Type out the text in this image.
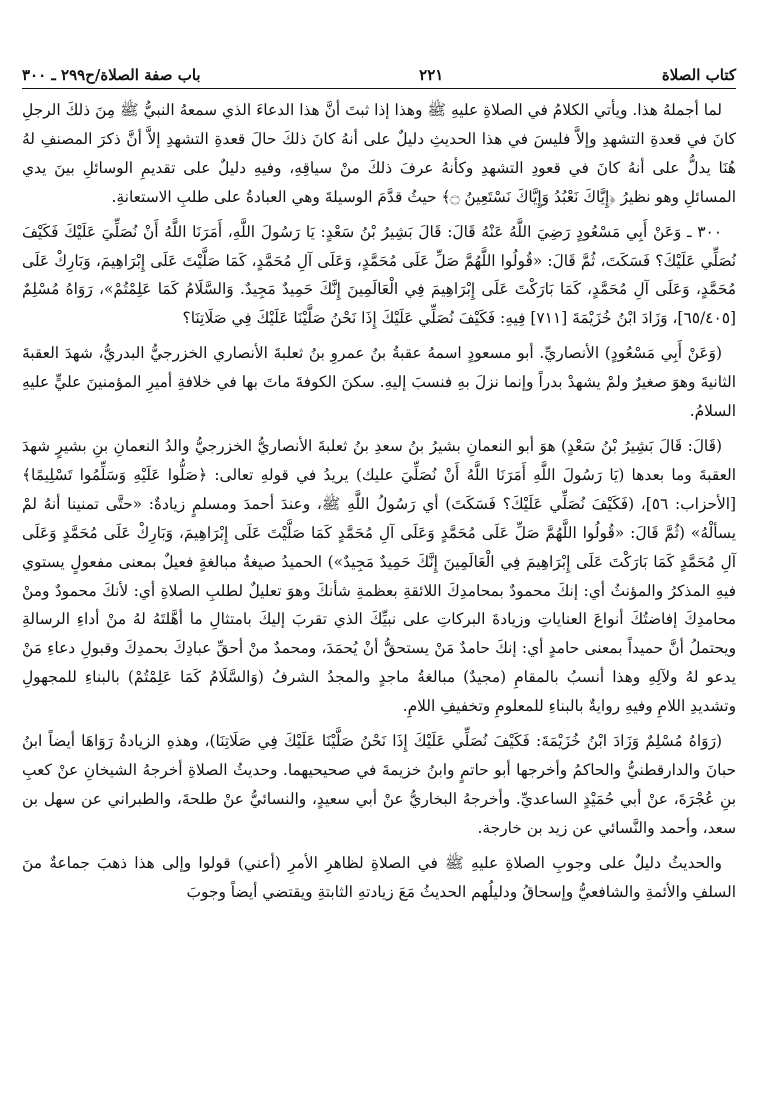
كتاب الصلاة
٢٢١
باب صفة الصلاة/ح٢٩٩ ـ ٣٠٠

لما أجملهُ هذا. ويأتي الكلامُ في الصلاةِ عليهِ ﷺ وهذا إذا ثبتَ أنَّ هذا الدعاءَ الذي سمعهُ النبيُّ ﷺ مِنَ ذلكَ الرجلِ كانَ في قعدةِ التشهدِ وإلاَّ فليسَ في هذا الحديثِ دليلٌ على أنهُ كانَ ذلكَ حالَ قعدةِ التشهدِ إلاَّ أنَّ ذكرَ المصنفِ لهُ هُنَا يدلُّ على أنهُ كانَ في قعودِ التشهدِ وكأنهُ عرفَ ذلكَ منْ سياقِهِ، وفيهِ دليلٌ على تقديمِ الوسائلِ بينَ يدي المسائلِ وهو نظيرُ ﴿إِيَّاكَ نَعْبُدُ وَإِيَّاكَ نَسْتَعِينُ ۝﴾ حيثُ قدَّمَ الوسيلةَ وهي العبادةُ على طلبِ الاستعانةِ.

٣٠٠ ـ وَعَنْ أَبِي مَسْعُودٍ رَضِيَ اللَّهُ عَنْهُ قَالَ: قَالَ بَشِيرُ بْنُ سَعْدٍ: يَا رَسُولَ اللَّهِ، أَمَرَنَا اللَّهُ أَنْ نُصَلِّيَ عَلَيْكَ فَكَيْفَ نُصَلِّي عَلَيْكَ؟ فَسَكَتَ، ثُمَّ قَالَ: «قُولُوا اللَّهُمَّ صَلِّ عَلَى مُحَمَّدٍ، وَعَلَى آلِ مُحَمَّدٍ، كَمَا صَلَّيْتَ عَلَى إِبْرَاهِيمَ، وَبَارِكْ عَلَى مُحَمَّدٍ، وَعَلَى آلِ مُحَمَّدٍ، كَمَا بَارَكْتَ عَلَى إِبْرَاهِيمَ فِي الْعَالَمِينَ إِنَّكَ حَمِيدٌ مَجِيدٌ. وَالسَّلَامُ كَمَا عَلِمْتُمْ»، رَوَاهُ مُسْلِمٌ [٦٥/٤٠٥]، وَزَادَ ابْنُ خُزَيْمَةَ [٧١١] فِيهِ: فَكَيْفَ نُصَلِّي عَلَيْكَ إِذَا نَحْنُ صَلَّيْنَا عَلَيْكَ فِي صَلَاتِنَا؟

(وَعَنْ أَبِي مَسْعُودٍ) الأنصاريِّ. أبو مسعودٍ اسمهُ عقبةُ بنُ عمروِ بنُ ثعلبةَ الأنصاري الخزرجيُّ البدريُّ، شهدَ العقبةَ الثانيةَ وهوَ صغيرٌ ولمْ يشهدْ بدراً وإنما نزلَ بهِ فنسبَ إليهِ. سكنَ الكوفةَ ماتَ بها في خلافةِ أميرِ المؤمنينَ عليٍّ عليهِ السلامُ.

(قَالَ: قَالَ بَشِيرُ بْنُ سَعْدٍ) هوَ أبو النعمانِ بشيرُ بنُ سعدِ بنُ ثعلبةَ الأنصاريُّ الخزرجيُّ والدُ النعمانِ بنِ بشيرٍ شهدَ العقبةَ وما بعدها (يَا رَسُولَ اللَّهِ أَمَرَنَا اللَّهُ أَنْ نُصَلِّيَ عليك) يريدُ في قولهِ تعالى: ﴿صَلُّوا عَلَيْهِ وَسَلِّمُوا تَسْلِيمًا﴾ [الأحزاب: ٥٦]، (فَكَيْفَ نُصَلِّي عَلَيْكَ؟ فَسَكَتَ) أي رَسُولُ اللَّهِ ﷺ، وعندَ أحمدَ ومسلمٍ زيادةٌ: «حتَّى تمنينا أنهُ لمْ يسألْهُ» (ثُمَّ قَالَ: «قُولُوا اللَّهُمَّ صَلِّ عَلَى مُحَمَّدٍ وَعَلَى آلِ مُحَمَّدٍ كَمَا صَلَّيْتَ عَلَى إِبْرَاهِيمَ، وَبَارِكْ عَلَى مُحَمَّدٍ وَعَلَى آلِ مُحَمَّدٍ كَمَا بَارَكْتَ عَلَى إِبْرَاهِيمَ فِي الْعَالَمِينَ إِنَّكَ حَمِيدٌ مَجِيدٌ») الحميدُ صيغةُ مبالغةٍ فعيلٌ بمعنى مفعولٍ يستوي فيهِ المذكرُ والمؤنثُ أي: إنكَ محمودٌ بمحامدِكَ اللائقةِ بعظمةِ شأنكَ وهوَ تعليلٌ لطلبِ الصلاةِ أي: لأنكَ محمودٌ ومنْ محامدِكَ إفاضتُكَ أنواعَ العناياتِ وزيادةَ البركاتِ على نبيِّكَ الذي تقربَ إليكَ بامتثالِ ما أهَّلتَهُ لهُ منْ أداءِ الرسالةِ ويحتملُ أنَّ حميداً بمعنى حامدٍ أي: إنكَ حامدٌ مَنْ يستحقُّ أنْ يُحمَدَ، ومحمدٌ منْ أحقِّ عبادِكَ بحمدِكَ وقبولِ دعاءِ مَنْ يدعو لهُ ولآلِهِ وهذا أنسبُ بالمقامِ (مجيدٌ) مبالغةُ ماجدٍ والمجدُ الشرفُ (وَالسَّلَامُ كَمَا عَلِمْتُمْ) بالبناءِ للمجهولِ وتشديدِ اللامِ وفيهِ روايةٌ بالبناءِ للمعلومِ وتخفيفِ اللامِ.

(رَوَاهُ مُسْلِمٌ وَزَادَ ابْنُ خُزَيْمَةَ: فَكَيْفَ نُصَلِّي عَلَيْكَ إِذَا نَحْنُ صَلَّيْنَا عَلَيْكَ فِي صَلَاتِنَا)، وهذهِ الزيادةُ رَوَاهَا أيضاً ابنُ حبانَ والدارقطنيُّ والحاكمُ وأخرجها أبو حاتمٍ وابنُ خزيمةَ في صحيحيهما. وحديثُ الصلاةِ أخرجهُ الشيخانِ عنْ كعبِ بنِ عُجْرَةَ، عنْ أبي حُمَيْدٍ الساعديِّ. وأخرجهُ البخاريُّ عنْ أبي سعيدٍ، والنسائيُّ عنْ طلحةَ، والطبراني عن سهل بن سعد، وأحمد والنَّسائي عن زيد بن خارجة.

والحديثُ دليلٌ على وجوبِ الصلاةِ عليهِ ﷺ في الصلاةِ لظاهرِ الأمرِ (أعني) قولوا وإلى هذا ذهبَ جماعةٌ منَ السلفِ والأئمةِ والشافعيُّ وإسحاقُ ودليلُهم الحديثُ مَعَ زيادتهِ الثابتةِ ويقتضي أيضاً وجوبَ
